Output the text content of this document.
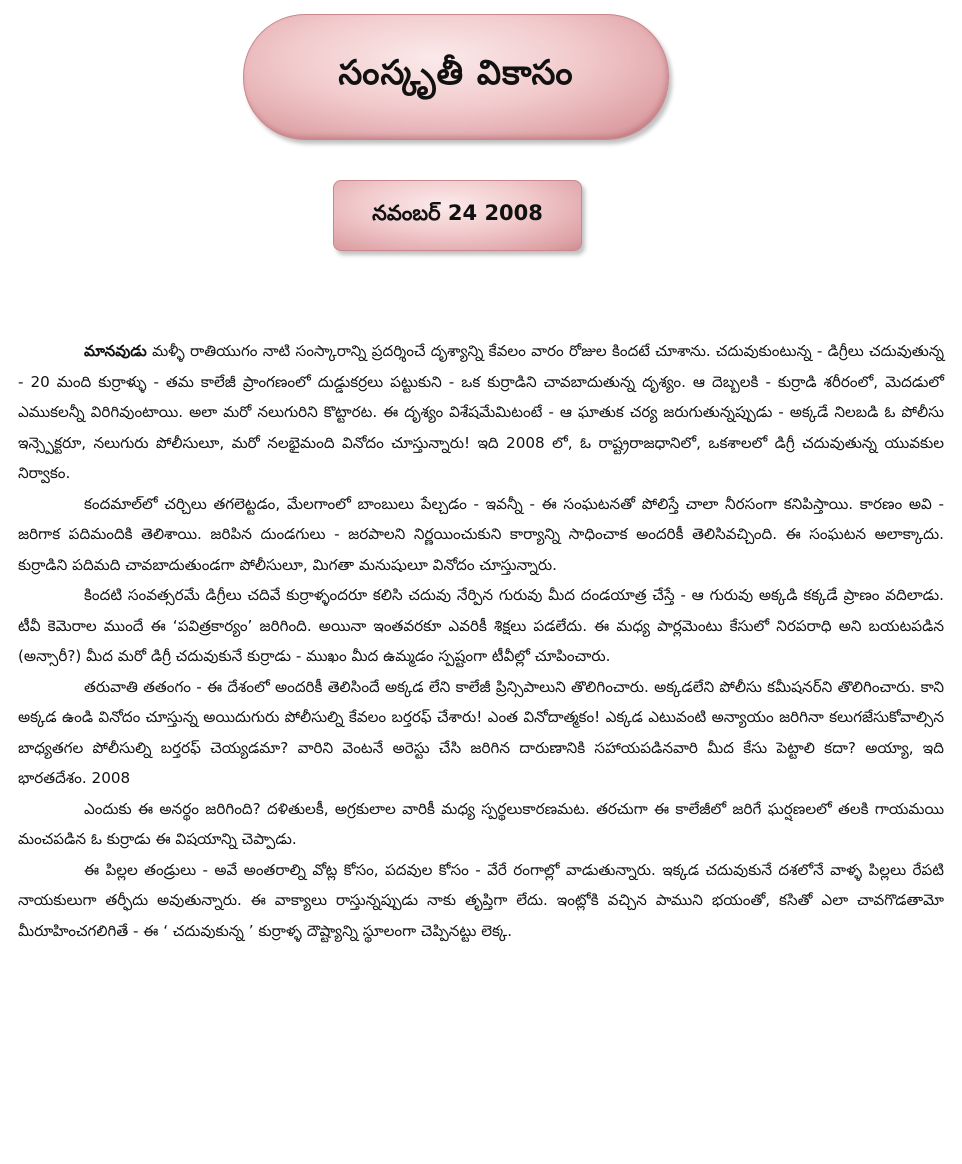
సంస్కృతీ వికాసం
నవంబర్ 24 2008

మానవుడు మళ్ళీ రాతియుగం నాటి సంస్కారాన్ని ప్రదర్శించే దృశ్యాన్ని కేవలం వారం రోజుల కిందటే చూశాను. చదువుకుంటున్న - డిగ్రీలు చదువుతున్న - 20 మంది కుర్రాళ్ళు - తమ కాలేజీ ప్రాంగణంలో దుడ్డుకర్రలు పట్టుకుని - ఒక కుర్రాడిని చావబాదుతున్న దృశ్యం. ఆ దెబ్బలకి - కుర్రాడి శరీరంలో, మెదడులో ఎముకలన్నీ విరిగివుంటాయి. అలా మరో నలుగురిని కొట్టారట. ఈ దృశ్యం విశేషమేమిటంటే - ఆ ఘాతుక చర్య జరుగుతున్నప్పుడు - అక్కడే నిలబడి ఓ పోలీసు ఇన్స్పెక్టరూ, నలుగురు పోలీసులూ, మరో నలభైమంది వినోదం చూస్తున్నారు! ఇది 2008 లో, ఓ రాష్ట్రరాజధానిలో, ఒకశాలలో డిగ్రీ చదువుతున్న యువకుల నిర్వాకం.

కందమాల్‌లో చర్చిలు తగలెట్టడం, మేలగాంలో బాంబులు పేల్చడం - ఇవన్నీ - ఈ సంఘటనతో పోలిస్తే చాలా నీరసంగా కనిపిస్తాయి. కారణం అవి - జరిగాక పదిమందికి తెలిశాయి. జరిపిన దుండగులు - జరపాలని నిర్ణయించుకుని కార్యాన్ని సాధించాక అందరికీ తెలిసివచ్చింది. ఈ సంఘటన అలాక్కాదు. కుర్రాడిని పదిమది చావబాదుతుండగా పోలీసులూ, మిగతా మనుషులూ వినోదం చూస్తున్నారు.

కిందటి సంవత్సరమే డిగ్రీలు చదివే కుర్రాళ్ళందరూ కలిసి చదువు నేర్పిన గురువు మీద దండయాత్ర చేస్తే - ఆ గురువు అక్కడి కక్కడే ప్రాణం వదిలాడు. టీవీ కెమెరాల ముందే ఈ ‘పవిత్రకార్యం’ జరిగింది. అయినా ఇంతవరకూ ఎవరికీ శిక్షలు పడలేదు. ఈ మధ్య పార్లమెంటు కేసులో నిరపరాధి అని బయటపడిన (అన్సారీ?) మీద మరో డిగ్రీ చదువుకునే కుర్రాడు - ముఖం మీద ఉమ్మడం స్పష్టంగా టీవీల్లో చూపించారు.

తరువాతి తతంగం - ఈ దేశంలో అందరికీ తెలిసిందే అక్కడ లేని కాలేజీ ప్రిన్సిపాలుని తొలిగించారు. అక్కడలేని పోలీసు కమీషనర్‌ని తొలిగించారు. కాని అక్కడ ఉండి వినోదం చూస్తున్న అయిదుగురు పోలీసుల్ని కేవలం బర్తరఫ్ చేశారు! ఎంత వినోదాత్మకం! ఎక్కడ ఎటువంటి అన్యాయం జరిగినా కలుగజేసుకోవాల్సిన బాధ్యతగల పోలీసుల్ని బర్తరఫ్ చెయ్యడమా? వారిని వెంటనే అరెస్టు చేసి జరిగిన దారుణానికి సహాయపడినవారి మీద కేసు పెట్టాలి కదా? అయ్యా, ఇది భారతదేశం. 2008

ఎందుకు ఈ అనర్థం జరిగింది? దళితులకీ, అగ్రకులాల వారికీ మధ్య స్పర్థలుకారణమట. తరచుగా ఈ కాలేజీలో జరిగే ఘర్షణలలో తలకి గాయమయి మంచపడిన ఓ కుర్రాడు ఈ విషయాన్ని చెప్పాడు.

ఈ పిల్లల తండ్రులు - అవే అంతరాల్ని వోట్ల కోసం, పదవుల కోసం - వేరే రంగాల్లో వాడుతున్నారు. ఇక్కడ చదువుకునే దశలోనే వాళ్ళ పిల్లలు రేపటి నాయకులుగా తర్ఫీదు అవుతున్నారు. ఈ వాక్యాలు రాస్తున్నప్పుడు నాకు తృప్తిగా లేదు. ఇంట్లోకి వచ్చిన పాముని భయంతో, కసితో ఎలా చావగొడతామో మీరూహించగలిగితే - ఈ ‘ చదువుకున్న ’ కుర్రాళ్ళ దౌష్ట్యాన్ని స్థూలంగా చెప్పినట్టు లెక్క.
